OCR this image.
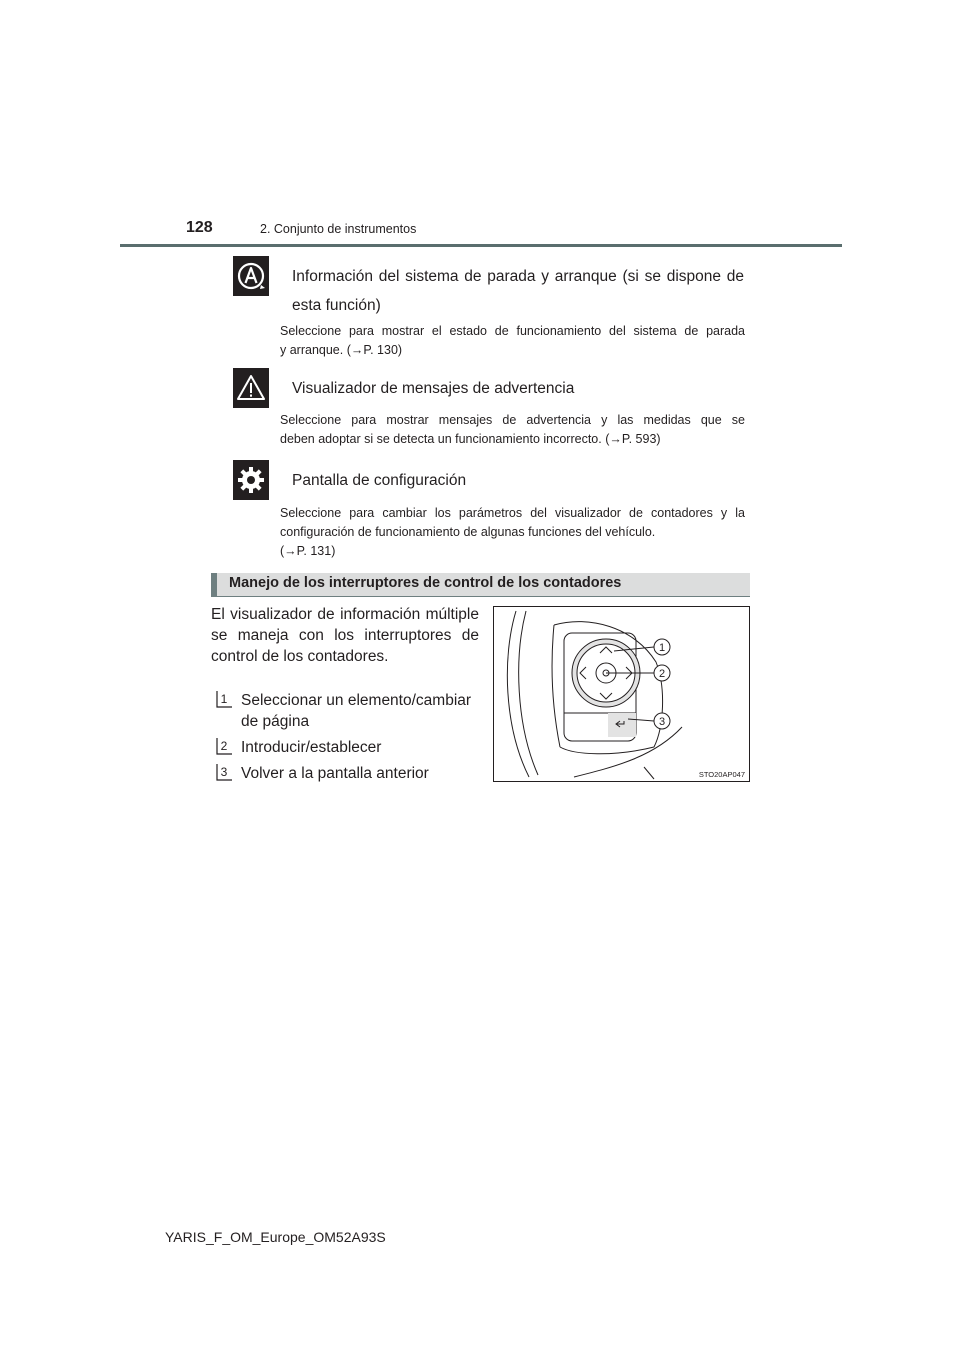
128	2. Conjunto de instrumentos
Información del sistema de parada y arranque (si se dispone de
esta función)
Seleccione para mostrar el estado de funcionamiento del sistema de parada
y arranque. (→P. 130)
Visualizador de mensajes de advertencia
Seleccione para mostrar mensajes de advertencia y las medidas que se
deben adoptar si se detecta un funcionamiento incorrecto. (→P. 593)
Pantalla de configuración
Seleccione para cambiar los parámetros del visualizador de contadores y la
configuración de funcionamiento de algunas funciones del vehículo.
(→P. 131)
Manejo de los interruptores de control de los contadores
El visualizador de información múltiple se maneja con los interruptores de control de los contadores.
1 Seleccionar un elemento/cambiar de página
2 Introducir/establecer
3 Volver a la pantalla anterior
1
2
3
STO20AP047
YARIS_F_OM_Europe_OM52A93S
